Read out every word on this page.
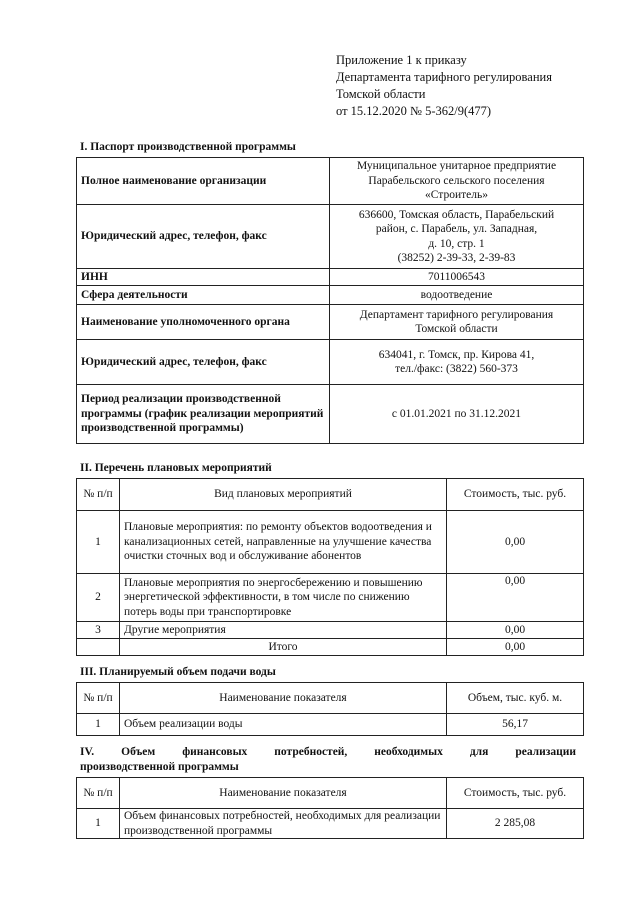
Приложение 1 к приказу
Департамента тарифного регулирования
Томской области
от 15.12.2020 № 5-362/9(477)
I. Паспорт производственной программы
Полное наименование организации	Муниципальное унитарное предприятие
Парабельского сельского поселения
«Строитель»

Юридический адрес, телефон, факс	636600, Томская область, Парабельский
район, с. Парабель, ул. Западная,
д. 10, стр. 1
(38252) 2-39-33, 2-39-83

ИНН	7011006543
Сфера деятельности	водоотведение
Наименование уполномоченного органа	Департамент тарифного регулирования
Томской области

Юридический адрес, телефон, факс	634041, г. Томск, пр. Кирова 41,
тел./факс: (3822) 560-373

Период реализации производственной программы (график реализации мероприятий производственной программы)	с 01.01.2021 по 31.12.2021
II. Перечень плановых мероприятий
№ п/п	Вид плановых мероприятий	Стоимость, тыс. руб.
1	Плановые мероприятия: по ремонту объектов водоотведения и канализационных сетей, направленные на улучшение качества очистки сточных вод и обслуживание абонентов	0,00
2	Плановые мероприятия по энергосбережению и повышению энергетической эффективности, в том числе по снижению потерь воды при транспортировке	0,00
3	Другие мероприятия	0,00
	Итого	0,00
III. Планируемый объем подачи воды
№ п/п	Наименование показателя	Объем, тыс. куб. м.
1	Объем реализации воды	56,17
IV. Объем финансовых потребностей, необходимых для реализации
производственной программы
№ п/п	Наименование показателя	Стоимость, тыс. руб.
1	Объем финансовых потребностей, необходимых для реализации производственной программы	2 285,08
